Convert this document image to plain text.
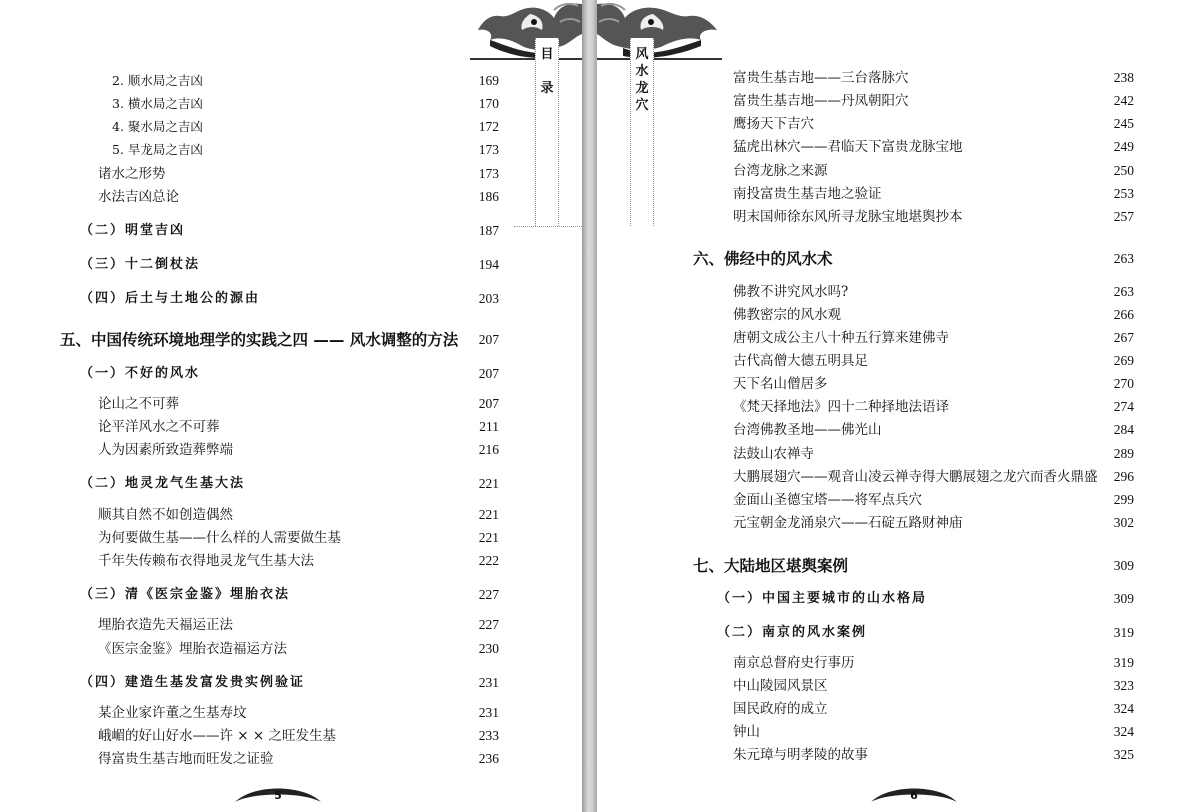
目

录
2. 顺水局之吉凶	169
3. 横水局之吉凶	170
4. 聚水局之吉凶	172
5. 旱龙局之吉凶	173
诸水之形势	173
水法吉凶总论	186
（二）明堂吉凶	187
（三）十二倒杖法	194
（四）后土与土地公的源由	203
五、中国传统环境地理学的实践之四 —— 风水调整的方法	207
（一）不好的风水	207
论山之不可葬	207
论平洋风水之不可葬	211
人为因素所致造葬弊端	216
（二）地灵龙气生基大法	221
顺其自然不如创造偶然	221
为何要做生基——什么样的人需要做生基	221
千年失传赖布衣得地灵龙气生基大法	222
（三）清《医宗金鉴》埋胎衣法	227
埋胎衣造先天福运正法	227
《医宗金鉴》埋胎衣造福运方法	230
（四）建造生基发富发贵实例验证	231
某企业家许董之生基寿坟	231
峨嵋的好山好水——许 × × 之旺发生基	233
得富贵生基吉地而旺发之证验	236
5
风
水
龙
穴
富贵生基吉地——三台落脉穴	238
富贵生基吉地——丹凤朝阳穴	242
鹰扬天下吉穴	245
猛虎出林穴——君临天下富贵龙脉宝地	249
台湾龙脉之来源	250
南投富贵生基吉地之验证	253
明末国师徐东风所寻龙脉宝地堪舆抄本	257
六、佛经中的风水术	263
佛教不讲究风水吗?	263
佛教密宗的风水观	266
唐朝文成公主八十种五行算来建佛寺	267
古代高僧大德五明具足	269
天下名山僧居多	270
《梵天择地法》四十二种择地法语译	274
台湾佛教圣地——佛光山	284
法鼓山农禅寺	289
大鹏展翅穴——观音山凌云禅寺得大鹏展翅之龙穴而香火鼎盛	296
金面山圣德宝塔——将军点兵穴	299
元宝朝金龙涌泉穴——石碇五路财神庙	302
七、大陆地区堪舆案例	309
（一）中国主要城市的山水格局	309
（二）南京的风水案例	319
南京总督府史行事历	319
中山陵园风景区	323
国民政府的成立	324
钟山	324
朱元璋与明孝陵的故事	325
6
